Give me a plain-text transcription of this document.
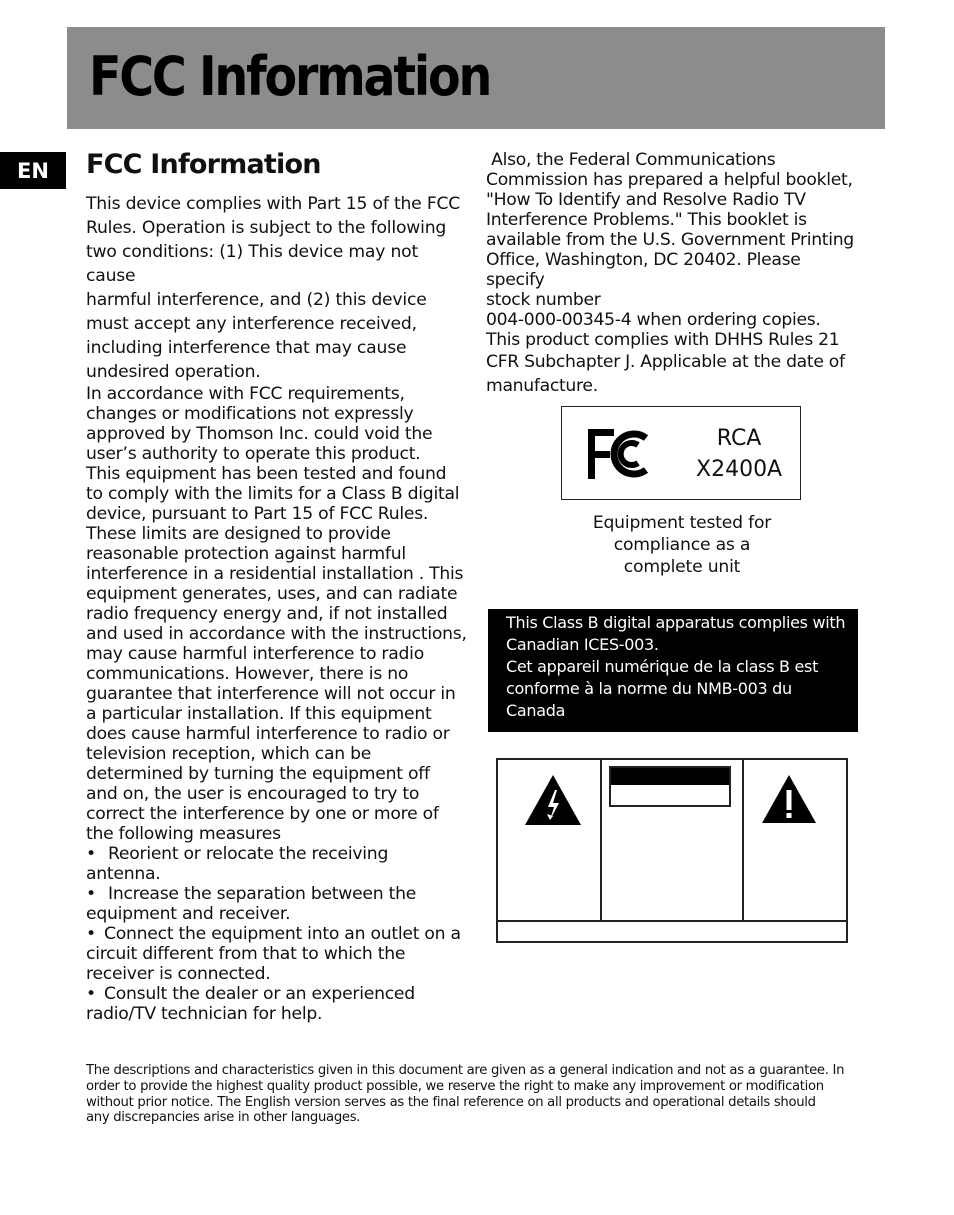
FCC Information
EN	FCC Information
This device complies with Part 15 of the FCC
Rules. Operation is subject to the following
two conditions: (1) This device may not cause
harmful interference, and (2) this device
must accept any interference received,
including interference that may cause
undesired operation.
In accordance with FCC requirements,
changes or modifications not expressly
approved by Thomson Inc. could void the
user’s authority to operate this product.
This equipment has been tested and found
to comply with the limits for a Class B digital
device, pursuant to Part 15 of FCC Rules.
These limits are designed to provide
reasonable protection against harmful
interference in a residential installation . This
equipment generates, uses, and can radiate
radio frequency energy and, if not installed
and used in accordance with the instructions,
may cause harmful interference to radio
communications. However, there is no
guarantee that interference will not occur in
a particular installation. If this equipment
does cause harmful interference to radio or
television reception, which can be
determined by turning the equipment off
and on, the user is encouraged to try to
correct the interference by one or more of
the following measures
• Reorient or relocate the receiving
antenna.
• Increase the separation between the
equipment and receiver.
• Connect the equipment into an outlet on a
circuit different from that to which the
receiver is connected.
• Consult the dealer or an experienced
radio/TV technician for help.
Also, the Federal Communications
Commission has prepared a helpful booklet,
"How To Identify and Resolve Radio TV
Interference Problems." This booklet is
available from the U.S. Government Printing
Office, Washington, DC 20402. Please specify
stock number
004-000-00345-4 when ordering copies.
This product complies with DHHS Rules 21
CFR Subchapter J. Applicable at the date of
manufacture.
RCA
X2400A
Equipment tested for
compliance as a
complete unit
This Class B digital apparatus complies with
Canadian ICES-003.
Cet appareil numérique de la class B est
conforme à la norme du NMB-003 du
Canada
The descriptions and characteristics given in this document are given as a general indication and not as a guarantee. In
order to provide the highest quality product possible, we reserve the right to make any improvement or modification
without prior notice. The English version serves as the final reference on all products and operational details should
any discrepancies arise in other languages.
